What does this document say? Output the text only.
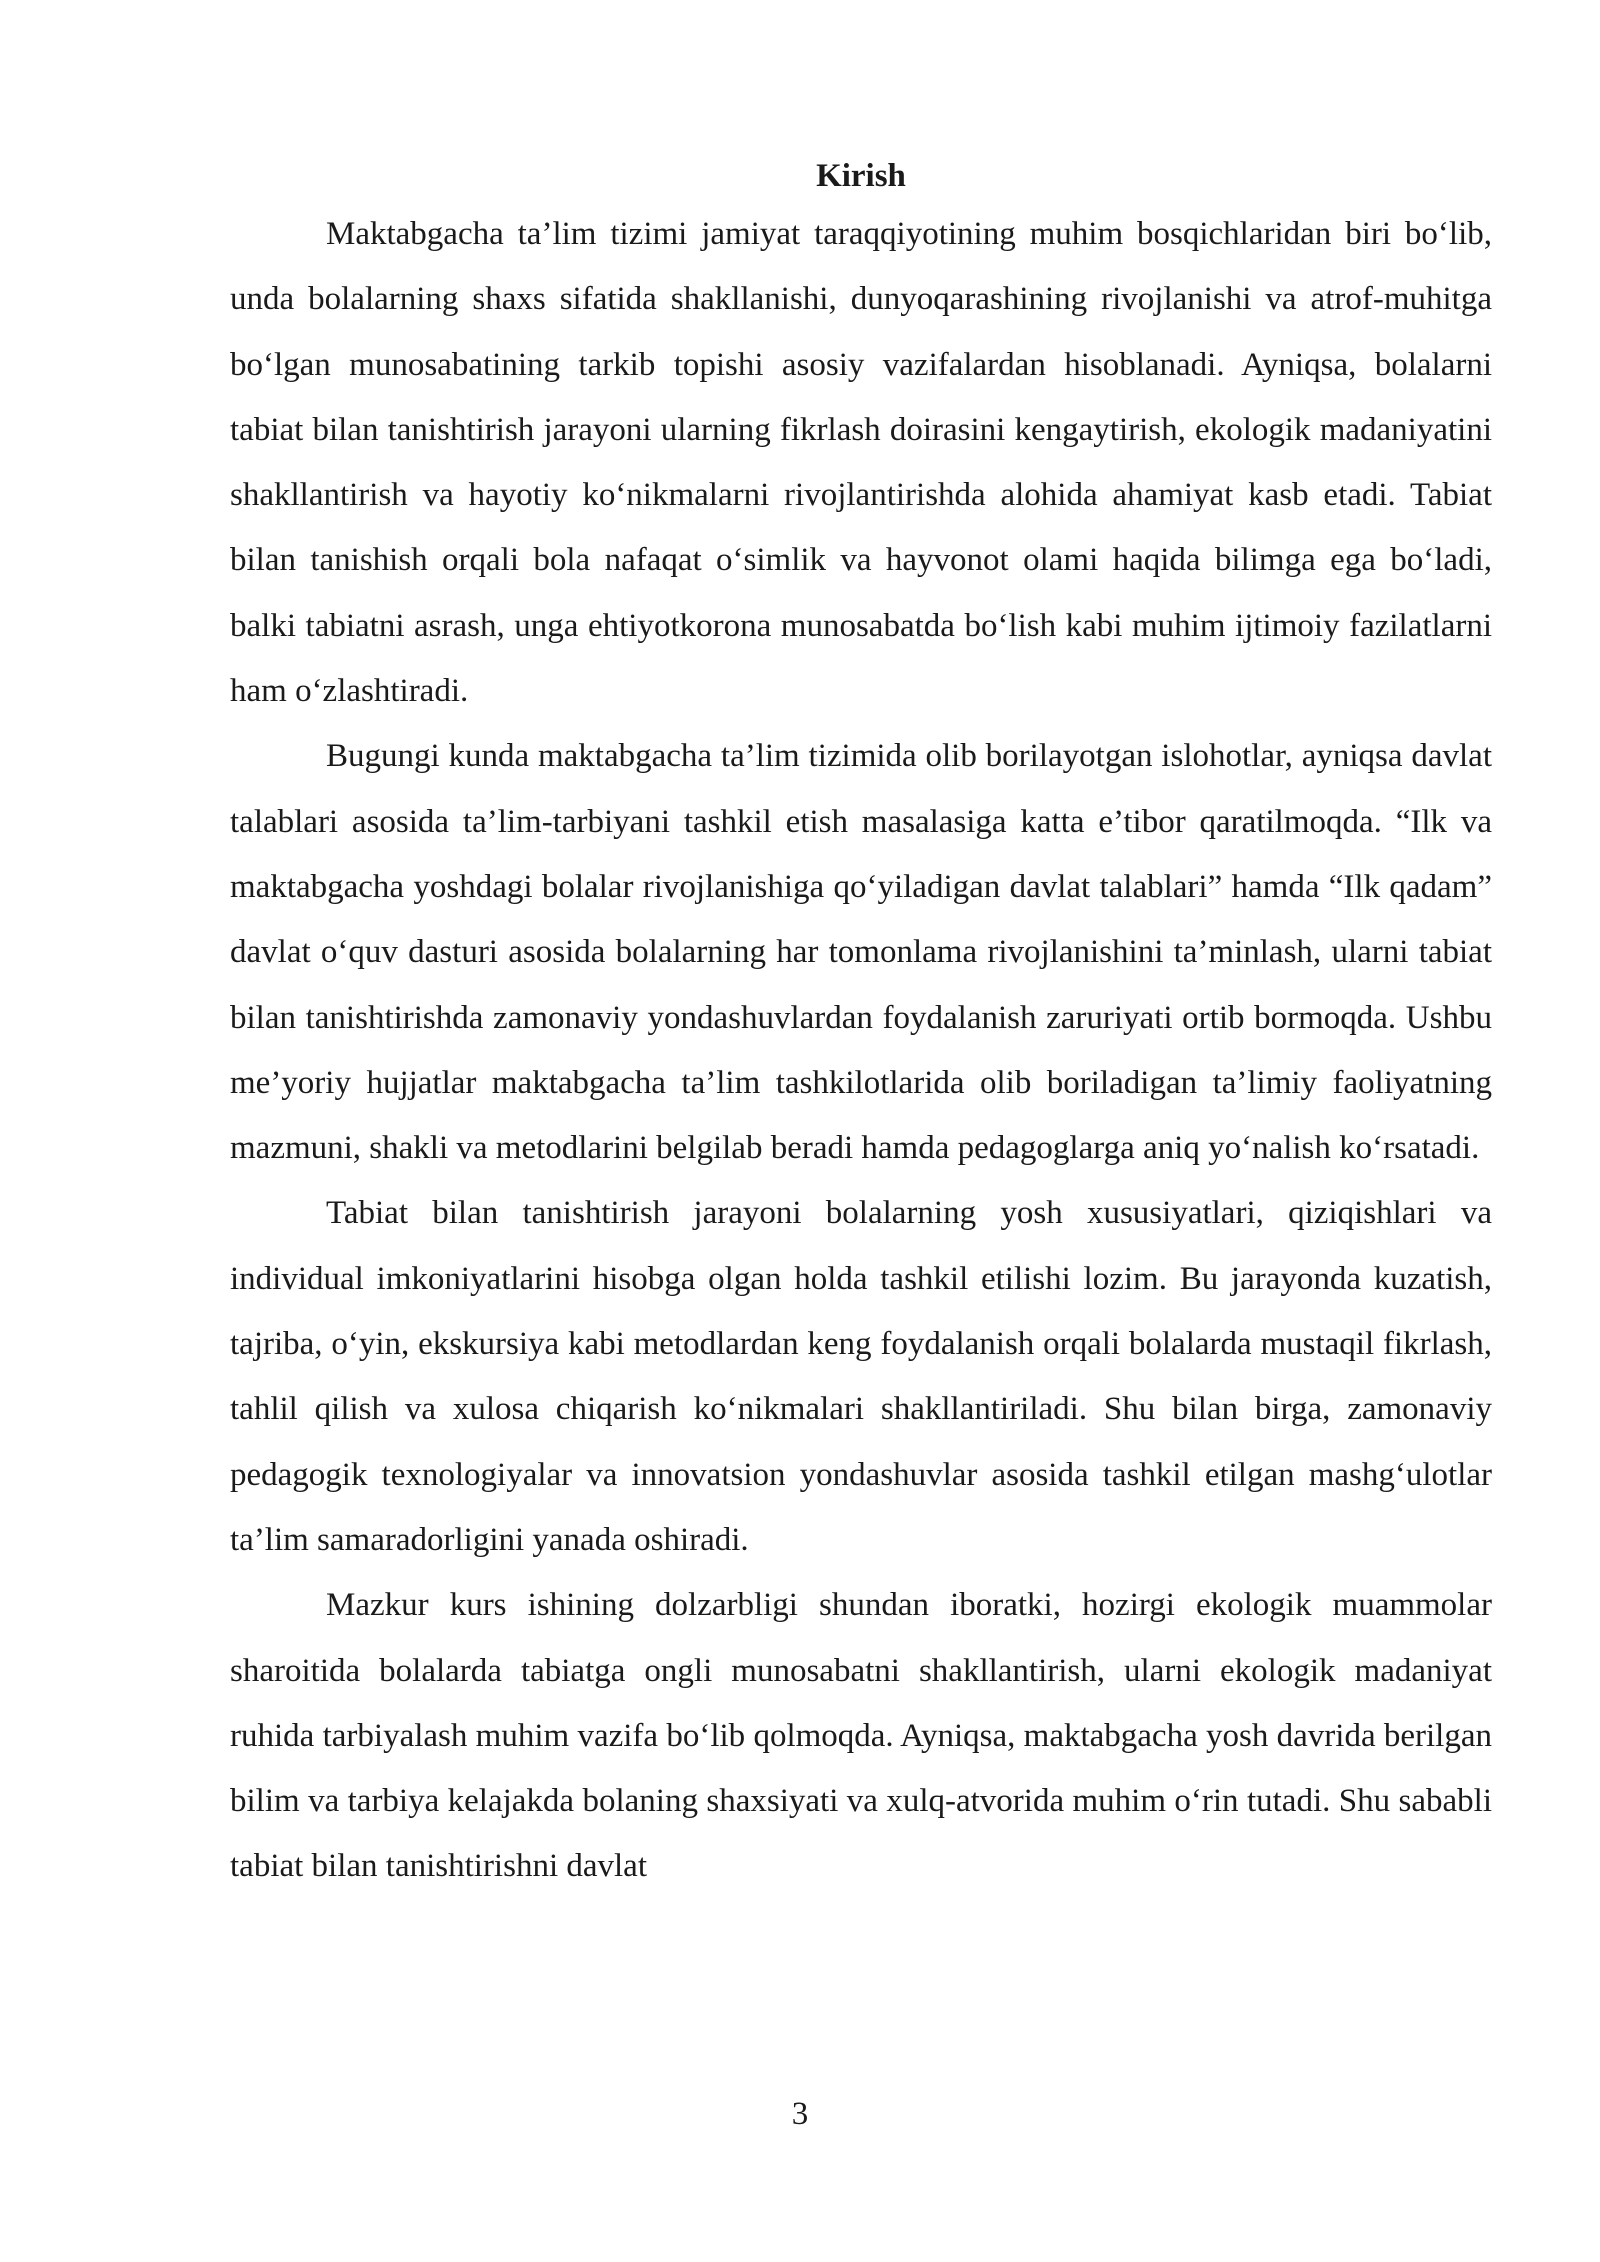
Kirish

Maktabgacha ta’lim tizimi jamiyat taraqqiyotining muhim bosqichlaridan biri bo‘lib, unda bolalarning shaxs sifatida shakllanishi, dunyoqarashining rivojlanishi va atrof-muhitga bo‘lgan munosabatining tarkib topishi asosiy vazifalardan hisoblanadi. Ayniqsa, bolalarni tabiat bilan tanishtirish jarayoni ularning fikrlash doirasini kengaytirish, ekologik madaniyatini shakllantirish va hayotiy ko‘nikmalarni rivojlantirishda alohida ahamiyat kasb etadi. Tabiat bilan tanishish orqali bola nafaqat o‘simlik va hayvonot olami haqida bilimga ega bo‘ladi, balki tabiatni asrash, unga ehtiyotkorona munosabatda bo‘lish kabi muhim ijtimoiy fazilatlarni ham o‘zlashtiradi.

Bugungi kunda maktabgacha ta’lim tizimida olib borilayotgan islohotlar, ayniqsa davlat talablari asosida ta’lim-tarbiyani tashkil etish masalasiga katta e’tibor qaratilmoqda. “Ilk va maktabgacha yoshdagi bolalar rivojlanishiga qo‘yiladigan davlat talablari” hamda “Ilk qadam” davlat o‘quv dasturi asosida bolalarning har tomonlama rivojlanishini ta’minlash, ularni tabiat bilan tanishtirishda zamonaviy yondashuvlardan foydalanish zaruriyati ortib bormoqda. Ushbu me’yoriy hujjatlar maktabgacha ta’lim tashkilotlarida olib boriladigan ta’limiy faoliyatning mazmuni, shakli va metodlarini belgilab beradi hamda pedagoglarga aniq yo‘nalish ko‘rsatadi.

Tabiat bilan tanishtirish jarayoni bolalarning yosh xususiyatlari, qiziqishlari va individual imkoniyatlarini hisobga olgan holda tashkil etilishi lozim. Bu jarayonda kuzatish, tajriba, o‘yin, ekskursiya kabi metodlardan keng foydalanish orqali bolalarda mustaqil fikrlash, tahlil qilish va xulosa chiqarish ko‘nikmalari shakllantiriladi. Shu bilan birga, zamonaviy pedagogik texnologiyalar va innovatsion yondashuvlar asosida tashkil etilgan mashg‘ulotlar ta’lim samaradorligini yanada oshiradi.

Mazkur kurs ishining dolzarbligi shundan iboratki, hozirgi ekologik muammolar sharoitida bolalarda tabiatga ongli munosabatni shakllantirish, ularni ekologik madaniyat ruhida tarbiyalash muhim vazifa bo‘lib qolmoqda. Ayniqsa, maktabgacha yosh davrida berilgan bilim va tarbiya kelajakda bolaning shaxsiyati va xulq-atvorida muhim o‘rin tutadi. Shu sababli tabiat bilan tanishtirishni davlat

3
